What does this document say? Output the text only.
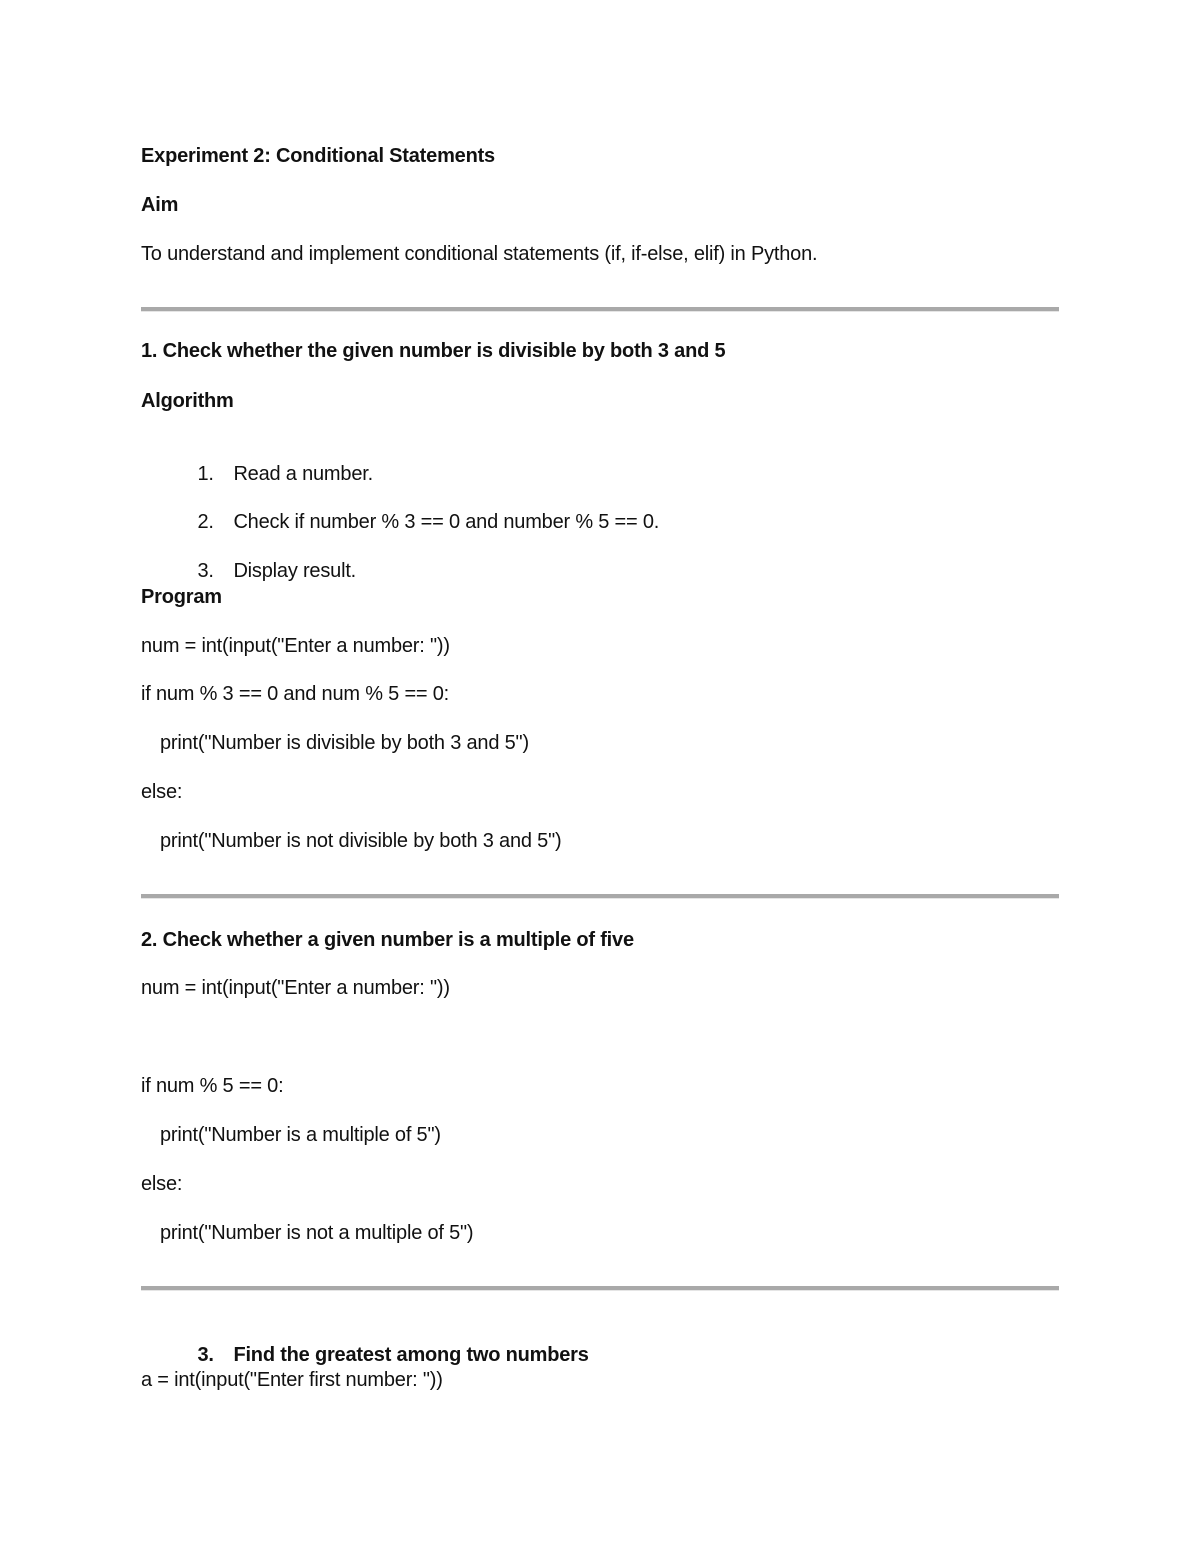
Experiment 2: Conditional Statements
Aim
To understand and implement conditional statements (if, if-else, elif) in Python.
1. Check whether the given number is divisible by both 3 and 5
Algorithm

1. Read a number.

2. Check if number % 3 == 0 and number % 5 == 0.

3. Display result.

Program
num = int(input("Enter a number: "))
if num % 3 == 0 and num % 5 == 0:
print("Number is divisible by both 3 and 5")
else:
print("Number is not divisible by both 3 and 5")
2. Check whether a given number is a multiple of five
num = int(input("Enter a number: "))
if num % 5 == 0:
print("Number is a multiple of 5")
else:
print("Number is not a multiple of 5")

3. Find the greatest among two numbers

a = int(input("Enter first number: "))
